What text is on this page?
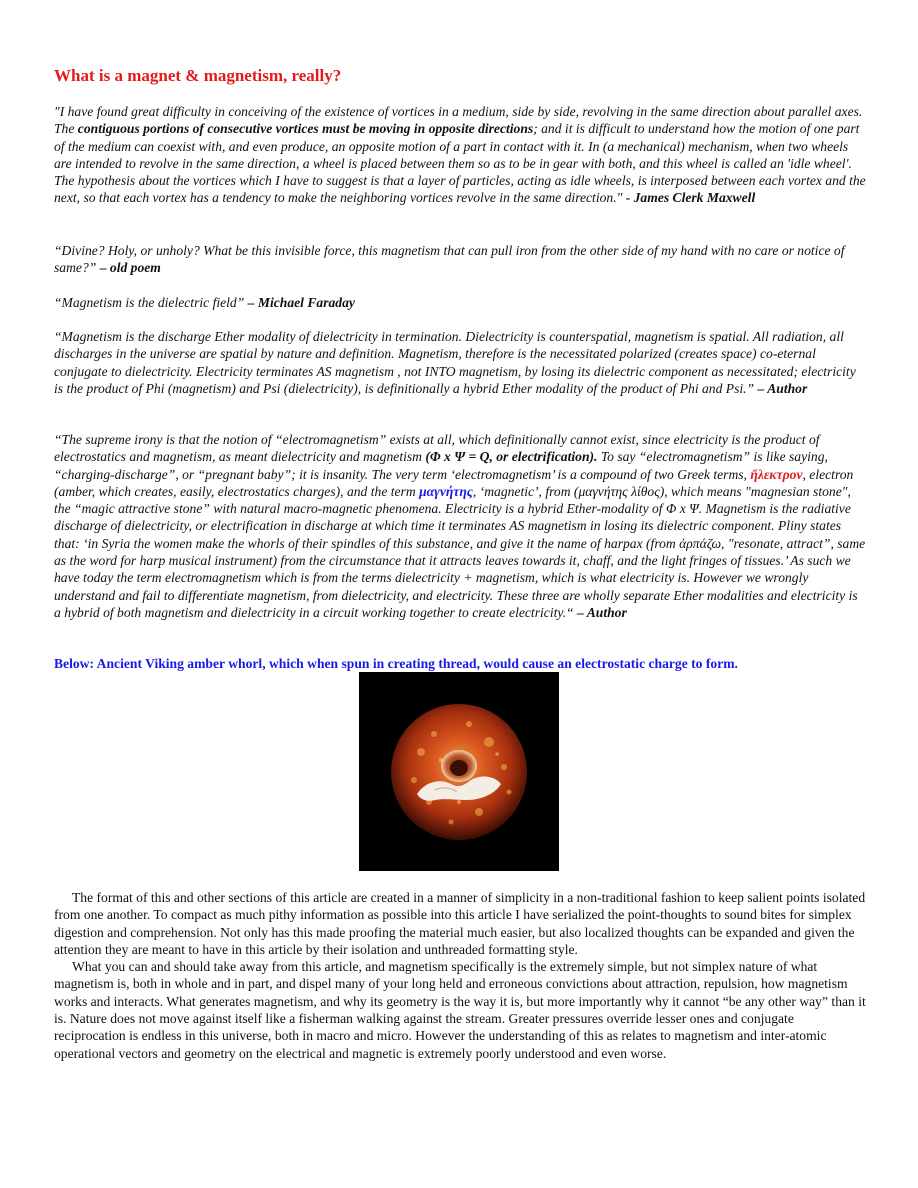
What is a magnet & magnetism, really?

"I have found great difficulty in conceiving of the existence of vortices in a medium, side by side, revolving in the same direction about parallel axes. The contiguous portions of consecutive vortices must be moving in opposite directions; and it is difficult to understand how the motion of one part of the medium can coexist with, and even produce, an opposite motion of a part in contact with it. In (a mechanical) mechanism, when two wheels are intended to revolve in the same direction, a wheel is placed between them so as to be in gear with both, and this wheel is called an 'idle wheel'. The hypothesis about the vortices which I have to suggest is that a layer of particles, acting as idle wheels, is interposed between each vortex and the next, so that each vortex has a tendency to make the neighboring vortices revolve in the same direction." - James Clerk Maxwell

“Divine? Holy, or unholy? What be this invisible force, this magnetism that can pull iron from the other side of my hand with no care or notice of same?” – old poem

“Magnetism is the dielectric field” – Michael Faraday

“Magnetism is the discharge Ether modality of dielectricity in termination. Dielectricity is counterspatial, magnetism is spatial. All radiation, all discharges in the universe are spatial by nature and definition. Magnetism, therefore is the necessitated polarized (creates space) co-eternal conjugate to dielectricity. Electricity terminates AS magnetism , not INTO magnetism, by losing its dielectric component as necessitated; electricity is the product of Phi (magnetism) and Psi (dielectricity), is definitionally a hybrid Ether modality of the product of Phi and Psi.” – Author

“The supreme irony is that the notion of “electromagnetism” exists at all, which definitionally cannot exist, since electricity is the product of electrostatics and magnetism, as meant dielectricity and magnetism (Φ x Ψ = Q, or electrification). To say “electromagnetism” is like saying, “charging-discharge”, or “pregnant baby”; it is insanity. The very term ‘electromagnetism’ is a compound of two Greek terms, ἤλεκτρον, electron (amber, which creates, easily, electrostatics charges), and the term μαγνήτης, ‘magnetic’, from (μαγνήτης λίθος), which means "magnesian stone", the “magic attractive stone” with natural macro-magnetic phenomena. Electricity is a hybrid Ether-modality of Φ x Ψ. Magnetism is the radiative discharge of dielectricity, or electrification in discharge at which time it terminates AS magnetism in losing its dielectric component. Pliny states that: ‘in Syria the women make the whorls of their spindles of this substance, and give it the name of harpax (from ἁρπάζω, "resonate, attract”, same as the word for harp musical instrument) from the circumstance that it attracts leaves towards it, chaff, and the light fringes of tissues.’ As such we have today the term electromagnetism which is from the terms dielectricity + magnetism, which is what electricity is. However we wrongly understand and fail to differentiate magnetism, from dielectricity, and electricity. These three are wholly separate Ether modalities and electricity is a hybrid of both magnetism and dielectricity in a circuit working together to create electricity.“ – Author

Below: Ancient Viking amber whorl, which when spun in creating thread, would cause an electrostatic charge to form.

The format of this and other sections of this article are created in a manner of simplicity in a non-traditional fashion to keep salient points isolated from one another. To compact as much pithy information as possible into this article I have serialized the point-thoughts to sound bites for simplex digestion and comprehension. Not only has this made proofing the material much easier, but also localized thoughts can be expanded and given the attention they are meant to have in this article by their isolation and unthreaded formatting style.

What you can and should take away from this article, and magnetism specifically is the extremely simple, but not simplex nature of what magnetism is, both in whole and in part, and dispel many of your long held and erroneous convictions about attraction, repulsion, how magnetism works and interacts. What generates magnetism, and why its geometry is the way it is, but more importantly why it cannot “be any other way” than it is. Nature does not move against itself like a fisherman walking against the stream. Greater pressures override lesser ones and conjugate reciprocation is endless in this universe, both in macro and micro. However the understanding of this as relates to magnetism and inter-atomic operational vectors and geometry on the electrical and magnetic is extremely poorly understood and even worse.
